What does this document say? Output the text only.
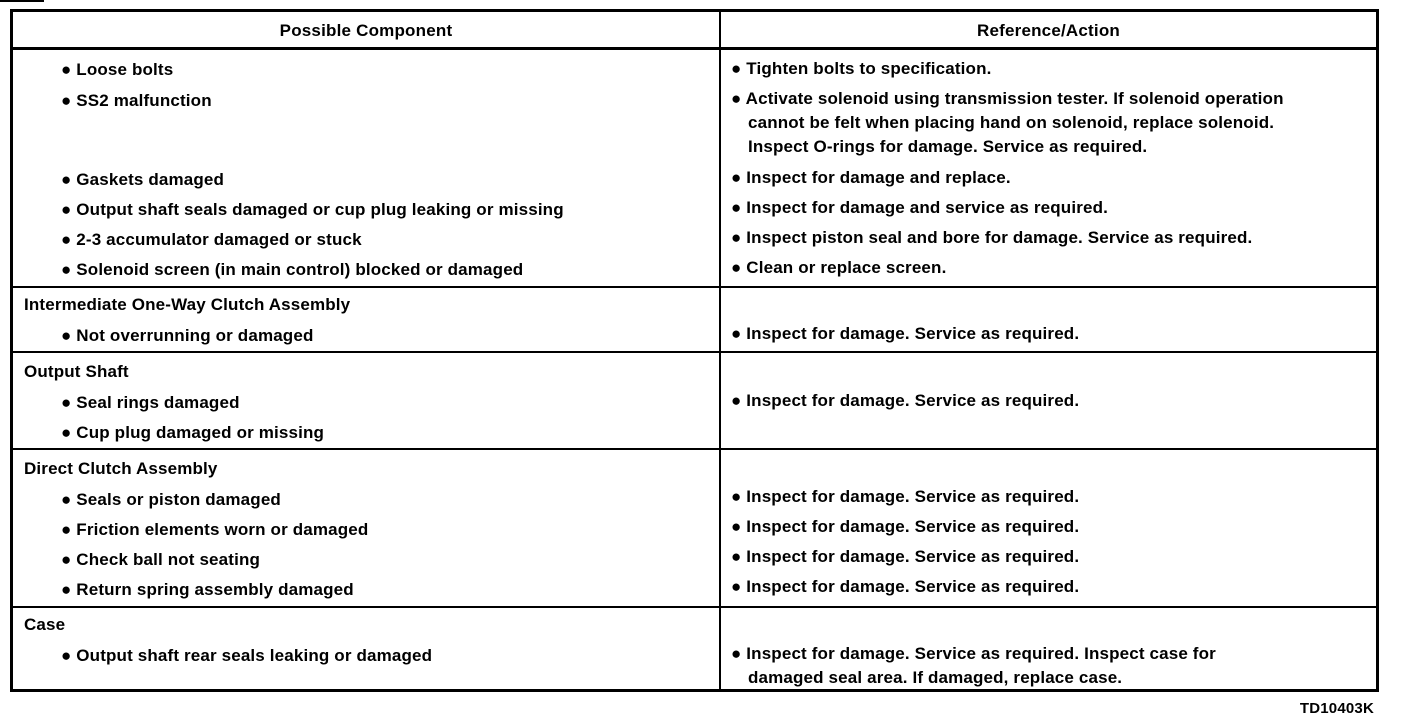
Possible Component	Reference/Action
● Loose bolts	● Tighten bolts to specification.
● SS2 malfunction	● Activate solenoid using transmission tester. If solenoid operation
cannot be felt when placing hand on solenoid, replace solenoid.
Inspect O-rings for damage. Service as required.
● Gaskets damaged	● Inspect for damage and replace.
● Output shaft seals damaged or cup plug leaking or missing	● Inspect for damage and service as required.
● 2-3 accumulator damaged or stuck	● Inspect piston seal and bore for damage. Service as required.
● Solenoid screen (in main control) blocked or damaged	● Clean or replace screen.
Intermediate One-Way Clutch Assembly
● Not overrunning or damaged	● Inspect for damage. Service as required.
Output Shaft
● Seal rings damaged	● Inspect for damage. Service as required.
● Cup plug damaged or missing
Direct Clutch Assembly
● Seals or piston damaged	● Inspect for damage. Service as required.
● Friction elements worn or damaged	● Inspect for damage. Service as required.
● Check ball not seating	● Inspect for damage. Service as required.
● Return spring assembly damaged	● Inspect for damage. Service as required.
Case
● Output shaft rear seals leaking or damaged	● Inspect for damage. Service as required. Inspect case for
damaged seal area. If damaged, replace case.
TD10403K
